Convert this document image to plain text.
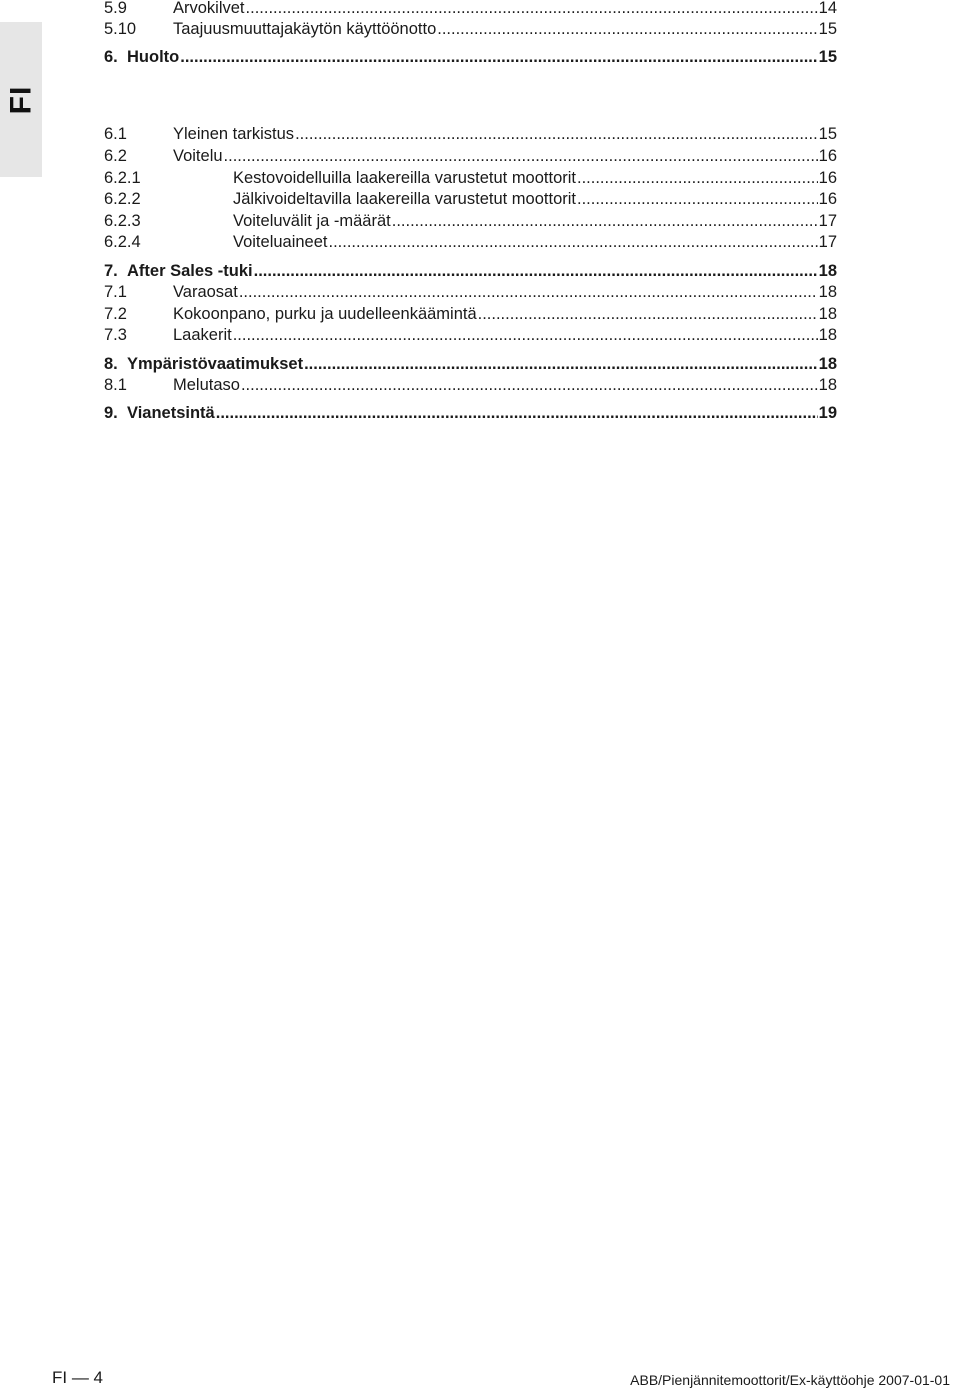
FI
5.9	Arvokilvet .....	14
5.10	Taajuusmuuttajakäytön käyttöönotto .....	15
6. Huolto .....	15
6.1	Yleinen tarkistus .....	15
6.2	Voitelu .....	16
6.2.1	Kestovoidelluilla laakereilla varustetut moottorit .....	16
6.2.2	Jälkivoideltavilla laakereilla varustetut moottorit .....	16
6.2.3	Voiteluvälit ja -määrät .....	17
6.2.4	Voiteluaineet .....	17
7. After Sales -tuki .....	18
7.1	Varaosat .....	18
7.2	Kokoonpano, purku ja uudelleenkäämintä .....	18
7.3	Laakerit .....	18
8. Ympäristövaatimukset .....	18
8.1	Melutaso .....	18
9. Vianetsintä .....	19
FI — 4	ABB/Pienjännitemoottorit/Ex-käyttöohje 2007-01-01
